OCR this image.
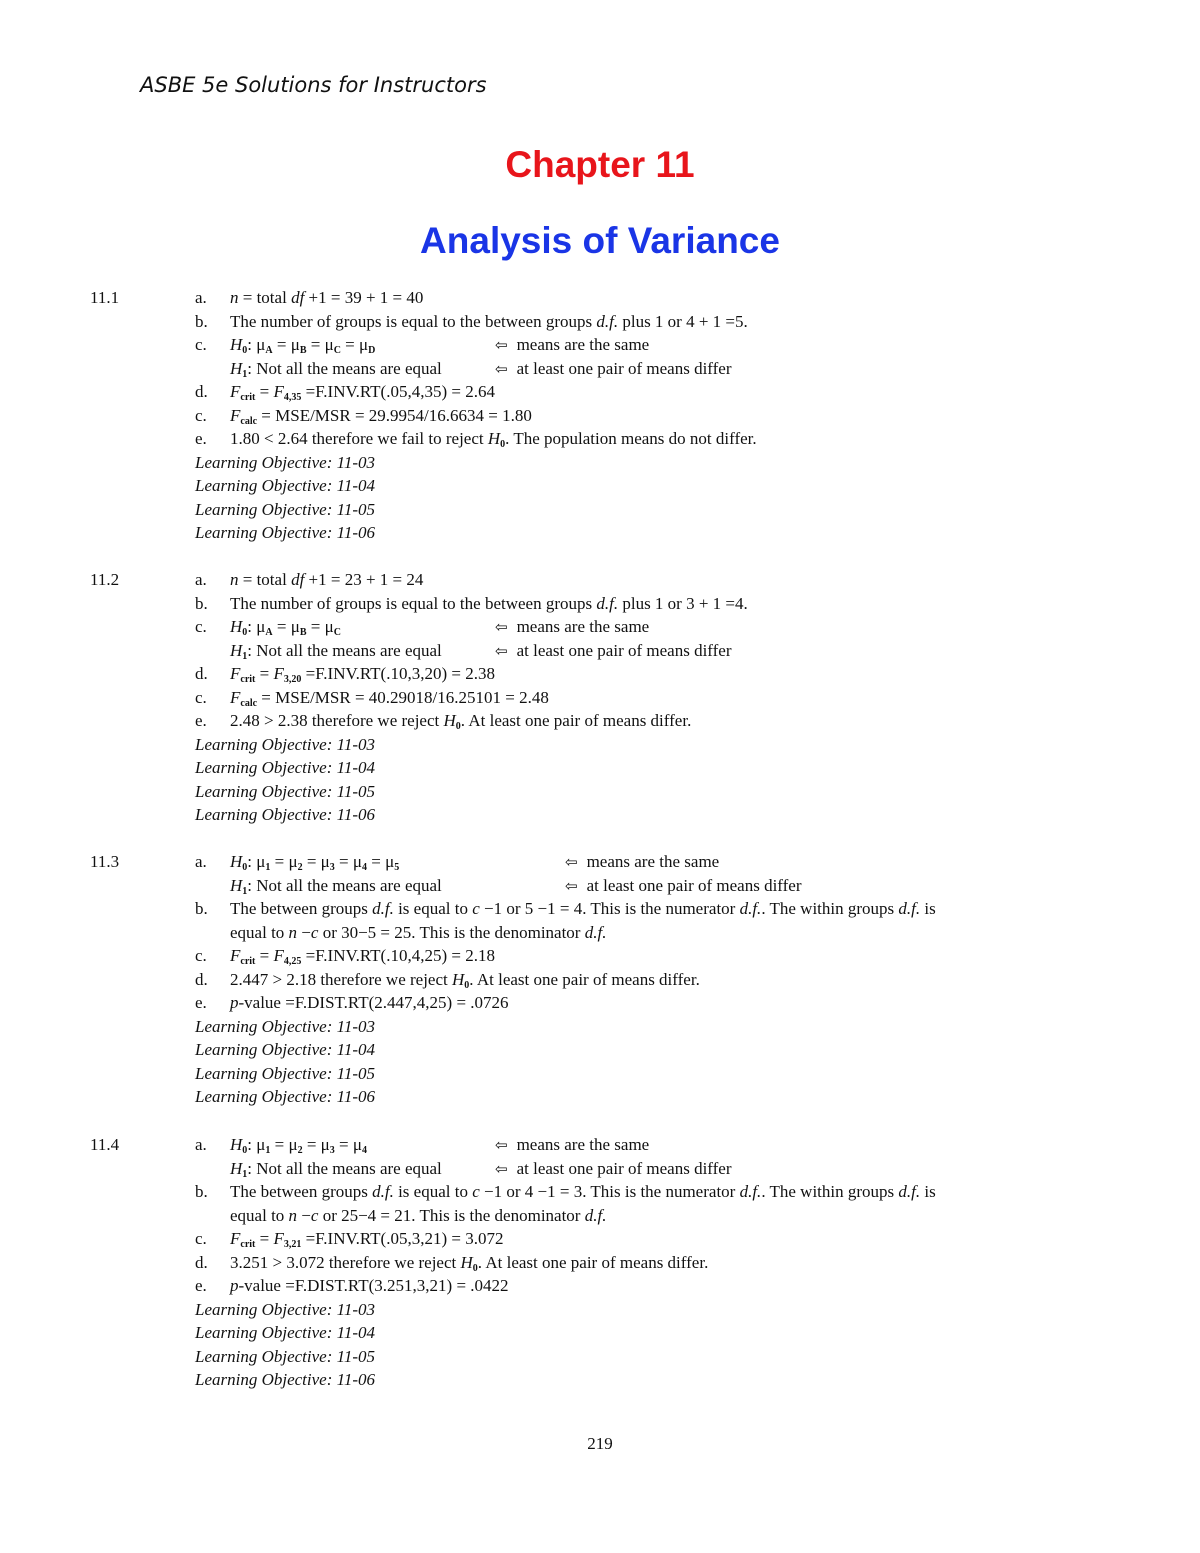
ASBE 5e Solutions for Instructors
Chapter 11
Analysis of Variance
11.1	a. n = total df +1 = 39 + 1 = 40
b. The number of groups is equal to the between groups d.f. plus 1 or 4 + 1 =5.
c. $H_0$: $\mu_A = \mu_B = \mu_C = \mu_D$	⇦ means are the same
$H_1$: Not all the means are equal	⇦ at least one pair of means differ
d. $F_{crit} = F_{4,35} =F.INV.RT(.05,4,35) = 2.64$
c. $F_{calc} = MSE/MSR = 29.9954/16.6634 = 1.80$
e. 1.80 < 2.64 therefore we fail to reject $H_0$. The population means do not differ.
Learning Objective: 11-03
Learning Objective: 11-04
Learning Objective: 11-05
Learning Objective: 11-06
11.2	a. n = total df +1 = 23 + 1 = 24
b. The number of groups is equal to the between groups d.f. plus 1 or 3 + 1 =4.
c. $H_0$: $\mu_A = \mu_B = \mu_C$	⇦ means are the same
$H_1$: Not all the means are equal	⇦ at least one pair of means differ
d. $F_{crit} = F_{3,20} =F.INV.RT(.10,3,20) = 2.38$
c. $F_{calc} = MSE/MSR = 40.29018/16.25101 = 2.48$
e. 2.48 > 2.38 therefore we reject $H_0$. At least one pair of means differ.
Learning Objective: 11-03
Learning Objective: 11-04
Learning Objective: 11-05
Learning Objective: 11-06
11.3	a. $H_0$: $\mu_1 = \mu_2 = \mu_3 = \mu_4 = \mu_5$	⇦ means are the same
$H_1$: Not all the means are equal	⇦ at least one pair of means differ
b. The between groups d.f. is equal to c −1 or 5 −1 = 4. This is the numerator d.f.. The within groups d.f. is
equal to n −c or 30−5 = 25. This is the denominator d.f.
c. $F_{crit} = F_{4,25} =F.INV.RT(.10,4,25) = 2.18$
d. 2.447 > 2.18 therefore we reject $H_0$. At least one pair of means differ.
e. p-value =F.DIST.RT(2.447,4,25) = .0726
Learning Objective: 11-03
Learning Objective: 11-04
Learning Objective: 11-05
Learning Objective: 11-06
11.4	a. $H_0$: $\mu_1 = \mu_2 = \mu_3 = \mu_4$	⇦ means are the same
$H_1$: Not all the means are equal	⇦ at least one pair of means differ
b. The between groups d.f. is equal to c −1 or 4 −1 = 3. This is the numerator d.f.. The within groups d.f. is
equal to n −c or 25−4 = 21. This is the denominator d.f.
c. $F_{crit} = F_{3,21} =F.INV.RT(.05,3,21) = 3.072$
d. 3.251 > 3.072 therefore we reject $H_0$. At least one pair of means differ.
e. p-value =F.DIST.RT(3.251,3,21) = .0422
Learning Objective: 11-03
Learning Objective: 11-04
Learning Objective: 11-05
Learning Objective: 11-06
219
